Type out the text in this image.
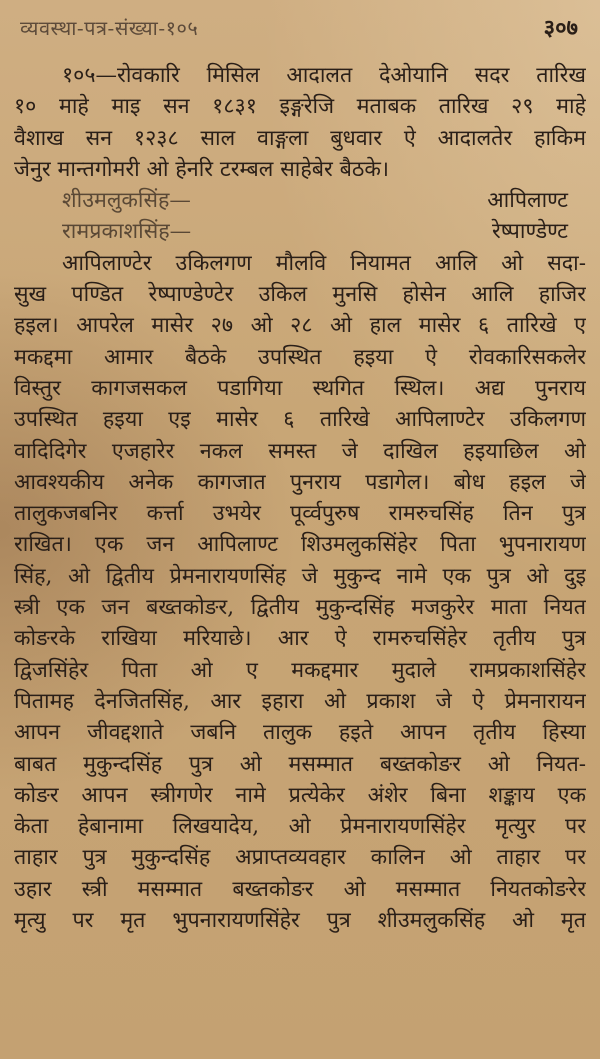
व्यवस्था-पत्र-संख्या-१०५	३०७
१०५—रोवकारि मिसिल आदालत देओयानि सदर तारिख
१० माहे माइ सन १८३१ इङ्गरेजि मताबक तारिख २९ माहे
वैशाख सन १२३८ साल वाङ्गला बुधवार ऐ आदालतेर हाकिम
जेनुर मान्तगोमरी ओ हेनरि टरम्बल साहेबेर बैठके।
शीउमलुकसिंह—	आपिलाण्ट
रामप्रकाशसिंह—	रेष्पाण्डेण्ट
आपिलाण्टेर उकिलगण मौलवि नियामत आलि ओ सदा-
सुख पण्डित रेष्पाण्डेण्टेर उकिल मुनसि होसेन आलि हाजिर
हइल। आपरेल मासेर २७ ओ २८ ओ हाल मासेर ६ तारिखे ए
मकद्दमा आमार बैठके उपस्थित हइया ऐ रोवकारिसकलेर
विस्तुर कागजसकल पडागिया स्थगित स्थिल। अद्य पुनराय
उपस्थित हइया एइ मासेर ६ तारिखे आपिलाण्टेर उकिलगण
वादिदिगेर एजहारेर नकल समस्त जे दाखिल हइयाछिल ओ
आवश्यकीय अनेक कागजात पुनराय पडागेल। बोध हइल जे
तालुकजबनिर कर्त्ता उभयेर पूर्व्वपुरुष रामरुचसिंह तिन पुत्र
राखित। एक जन आपिलाण्ट शिउमलुकसिंहेर पिता भुपनारायण
सिंह, ओ द्वितीय प्रेमनारायणसिंह जे मुकुन्द नामे एक पुत्र ओ दुइ
स्त्री एक जन बख्तकोङर, द्वितीय मुकुन्दसिंह मजकुरेर माता नियत
कोङरके राखिया मरियाछे। आर ऐ रामरुचसिंहेर तृतीय पुत्र
द्विजसिंहेर पिता ओ ए मकद्दमार मुदाले रामप्रकाशसिंहेर
पितामह देनजितसिंह, आर इहारा ओ प्रकाश जे ऐ प्रेमनारायन
आपन जीवद्दशाते जबनि तालुक हइते आपन तृतीय हिस्या
बाबत मुकुन्दसिंह पुत्र ओ मसम्मात बख्तकोङर ओ नियत-
कोङर आपन स्त्रीगणेर नामे प्रत्येकेर अंशेर बिना शङ्काय एक
केता हेबानामा लिखयादेय, ओ प्रेमनारायणसिंहेर मृत्युर पर
ताहार पुत्र मुकुन्दसिंह अप्राप्तव्यवहार कालिन ओ ताहार पर
उहार स्त्री मसम्मात बख्तकोङर ओ मसम्मात नियतकोङरेर
मृत्यु पर मृत भुपनारायणसिंहेर पुत्र शीउमलुकसिंह ओ मृत
